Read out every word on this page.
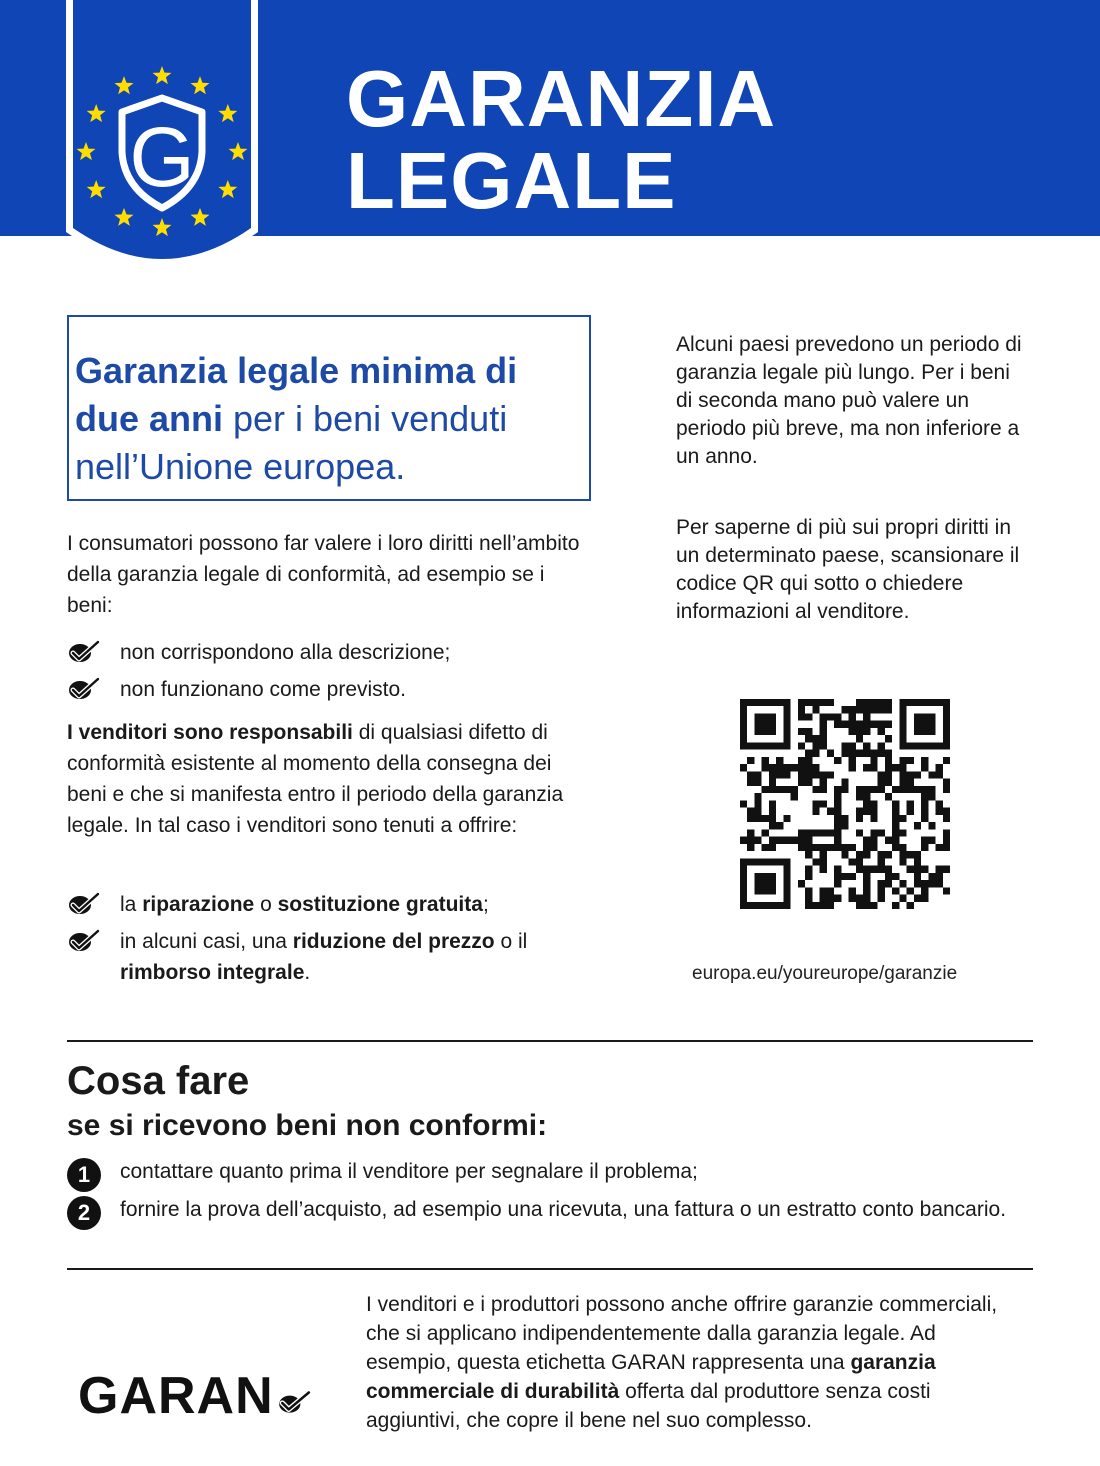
G
GARANZIA
LEGALE
Garanzia legale minima di due anni per i beni venduti nell’Unione europea.

I consumatori possono far valere i loro diritti nell’ambito della garanzia legale di conformità, ad esempio se i beni:

non corrispondono alla descrizione;
non funzionano come previsto.

I venditori sono responsabili di qualsiasi difetto di conformità esistente al momento della consegna dei beni e che si manifesta entro il periodo della garanzia legale. In tal caso i venditori sono tenuti a offrire:

la riparazione o sostituzione gratuita;
in alcuni casi, una riduzione del prezzo o il rimborso integrale.

Alcuni paesi prevedono un periodo di garanzia legale più lungo. Per i beni di seconda mano può valere un periodo più breve, ma non inferiore a un anno.

Per saperne di più sui propri diritti in un determinato paese, scansionare il codice QR qui sotto o chiedere informazioni al venditore.

europa.eu/youreurope/garanzie

Cosa fare
se si ricevono beni non conformi:
1	contattare quanto prima il venditore per segnalare il problema;
2	fornire la prova dell’acquisto, ad esempio una ricevuta, una fattura o un estratto conto bancario.
GARAN

I venditori e i produttori possono anche offrire garanzie commerciali, che si applicano indipendentemente dalla garanzia legale. Ad esempio, questa etichetta GARAN rappresenta una garanzia commerciale di durabilità offerta dal produttore senza costi aggiuntivi, che copre il bene nel suo complesso.
